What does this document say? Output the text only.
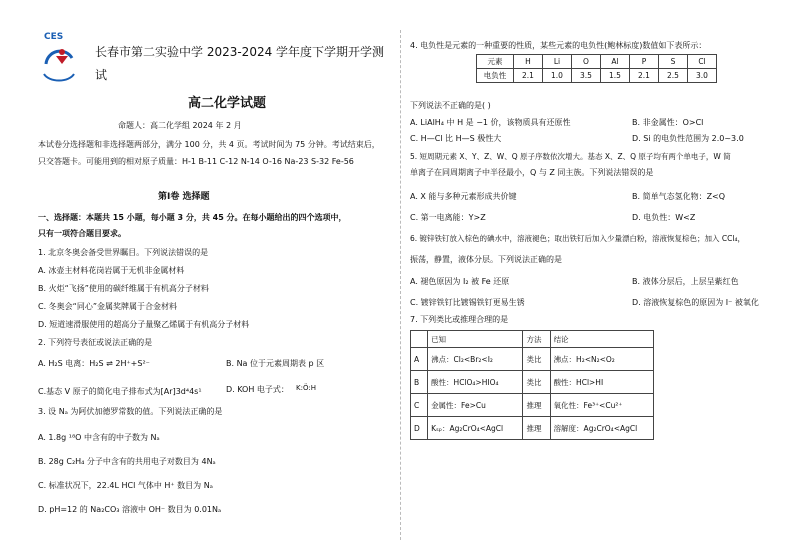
CES
长春市第二实验中学 2023-2024 学年度下学期开学测
试
高二化学试题
命题人：高二化学组 2024 年 2 月
本试卷分选择题和非选择题两部分，满分 100 分，共 4 页。考试时间为 75 分钟。考试结束后，
只交答题卡。可能用到的相对原子质量：H-1 B-11 C-12 N-14 O-16 Na-23 S-32 Fe-56
第Ⅰ卷 选择题
一、选择题：本题共 15 小题，每小题 3 分，共 45 分。在每小题给出的四个选项中，
只有一项符合题目要求。
1. 北京冬奥会备受世界瞩目。下列说法错误的是
A. 冰壶主材料花岗岩属于无机非金属材料
B. 火炬“飞扬”使用的碳纤维属于有机高分子材料
C. 冬奥会“同心”金属奖牌属于合金材料
D. 短道速滑服使用的超高分子量聚乙烯属于有机高分子材料
2. 下列符号表征或说法正确的是
A. H₂S 电离：H₂S ⇌ 2H⁺+S²⁻	B. Na 位于元素周期表 p 区
C.基态 V 原子的简化电子排布式为[Ar]3d⁴4s¹	D. KOH 电子式： K:Ö:H
3. 设 Nₐ 为阿伏加德罗常数的值。下列说法正确的是
A. 1.8g ¹⁸O 中含有的中子数为 Nₐ
B. 28g C₂H₄ 分子中含有的共用电子对数目为 4Nₐ
C. 标准状况下，22.4L HCl 气体中 H⁺ 数目为 Nₐ
D. pH=12 的 Na₂CO₃ 溶液中 OH⁻ 数目为 0.01Nₐ
4. 电负性是元素的一种重要的性质，某些元素的电负性(鲍林标度)数值如下表所示：
元素	H	Li	O	Al	P	S	Cl
电负性	2.1	1.0	3.5	1.5	2.1	2.5	3.0
下列说法不正确的是( )
A. LiAlH₄ 中 H 是 −1 价，该物质具有还原性	B. 非金属性：O>Cl
C. H—Cl 比 H—S 极性大	D. Si 的电负性范围为 2.0~3.0
5. 短周期元素 X、Y、Z、W、Q 原子序数依次增大。基态 X、Z、Q 原子均有两个单电子，W 简
单离子在同周期离子中半径最小，Q 与 Z 同主族。下列说法错误的是
A. X 能与多种元素形成共价键	B. 简单气态氢化物：Z<Q
C. 第一电离能：Y>Z	D. 电负性：W<Z
6. 镀锌铁钉放入棕色的碘水中，溶液褪色；取出铁钉后加入少量漂白粉，溶液恢复棕色；加入 CCl₄，
振荡，静置，液体分层。下列说法正确的是
A. 褪色原因为 I₂ 被 Fe 还原	B. 液体分层后，上层呈紫红色
C. 镀锌铁钉比镀锡铁钉更易生锈	D. 溶液恢复棕色的原因为 I⁻ 被氧化
7. 下列类比或推理合理的是
	已知	方法	结论
A	沸点：Cl₂<Br₂<I₂	类比	沸点：H₂<N₂<O₂
B	酸性：HClO₄>HIO₄	类比	酸性：HCl>HI
C	金属性：Fe>Cu	推理	氧化性：Fe³⁺<Cu²⁺
D	Kₛₚ：Ag₂CrO₄<AgCl	推理	溶解度：Ag₂CrO₄<AgCl
